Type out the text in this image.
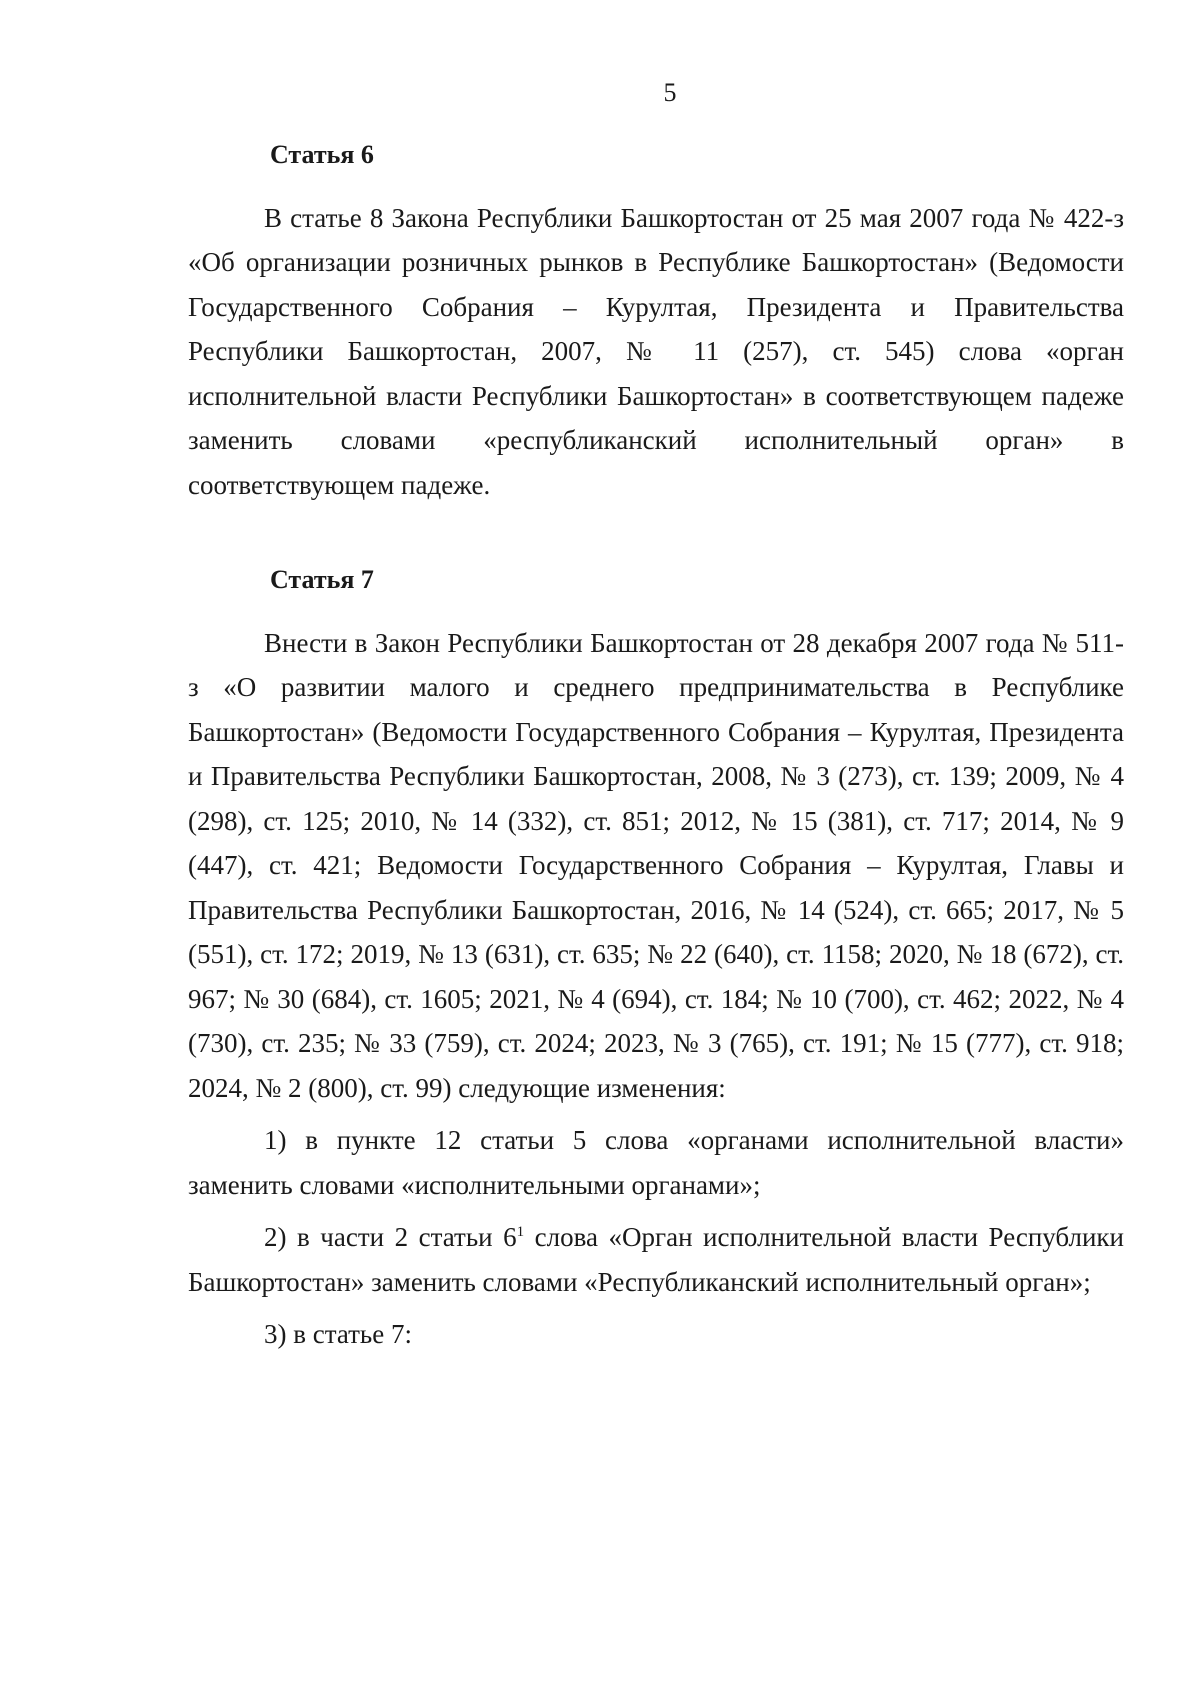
5
Статья 6

В статье 8 Закона Республики Башкортостан от 25 мая 2007 года № 422-з «Об организации розничных рынков в Республике Башкортостан» (Ведомости Государственного Собрания – Курултая, Президента и Правительства Республики Башкортостан, 2007, № 11 (257), ст. 545) слова «орган исполнительной власти Республики Башкортостан» в соответствующем падеже заменить словами «республиканский исполнительный орган» в соответствующем падеже.

Статья 7

Внести в Закон Республики Башкортостан от 28 декабря 2007 года № 511-з «О развитии малого и среднего предпринимательства в Республике Башкортостан» (Ведомости Государственного Собрания – Курултая, Президента и Правительства Республики Башкортостан, 2008, № 3 (273), ст. 139; 2009, № 4 (298), ст. 125; 2010, № 14 (332), ст. 851; 2012, № 15 (381), ст. 717; 2014, № 9 (447), ст. 421; Ведомости Государственного Собрания – Курултая, Главы и Правительства Республики Башкортостан, 2016, № 14 (524), ст. 665; 2017, № 5 (551), ст. 172; 2019, № 13 (631), ст. 635; № 22 (640), ст. 1158; 2020, № 18 (672), ст. 967; № 30 (684), ст. 1605; 2021, № 4 (694), ст. 184; № 10 (700), ст. 462; 2022, № 4 (730), ст. 235; № 33 (759), ст. 2024; 2023, № 3 (765), ст. 191; № 15 (777), ст. 918; 2024, № 2 (800), ст. 99) следующие изменения:

1) в пункте 12 статьи 5 слова «органами исполнительной власти» заменить словами «исполнительными органами»;

2) в части 2 статьи $6^1$ слова «Орган исполнительной власти Республики Башкортостан» заменить словами «Республиканский исполнительный орган»;

3) в статье 7:
